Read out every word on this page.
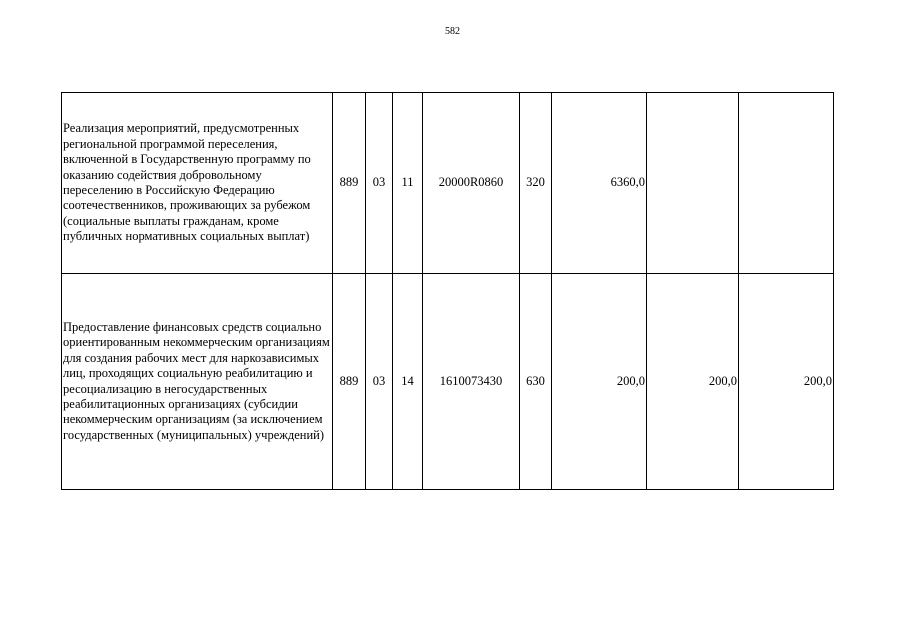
582
Реализация мероприятий, предусмотренных региональной программой переселения, включенной в Государственную программу по оказанию содействия добровольному переселению в Российскую Федерацию соотечественников, проживающих за рубежом (социальные выплаты гражданам, кроме публичных нормативных социальных выплат)	889	03	11	20000R0860	320	6360,0		
Предоставление финансовых средств социально ориентированным некоммерческим организациям для создания рабочих мест для наркозависимых лиц, проходящих социальную реабилитацию и ресоциализацию в негосударственных реабилитационных организациях (субсидии некоммерческим организациям (за исключением государственных (муниципальных) учреждений)	889	03	14	1610073430	630	200,0	200,0	200,0
